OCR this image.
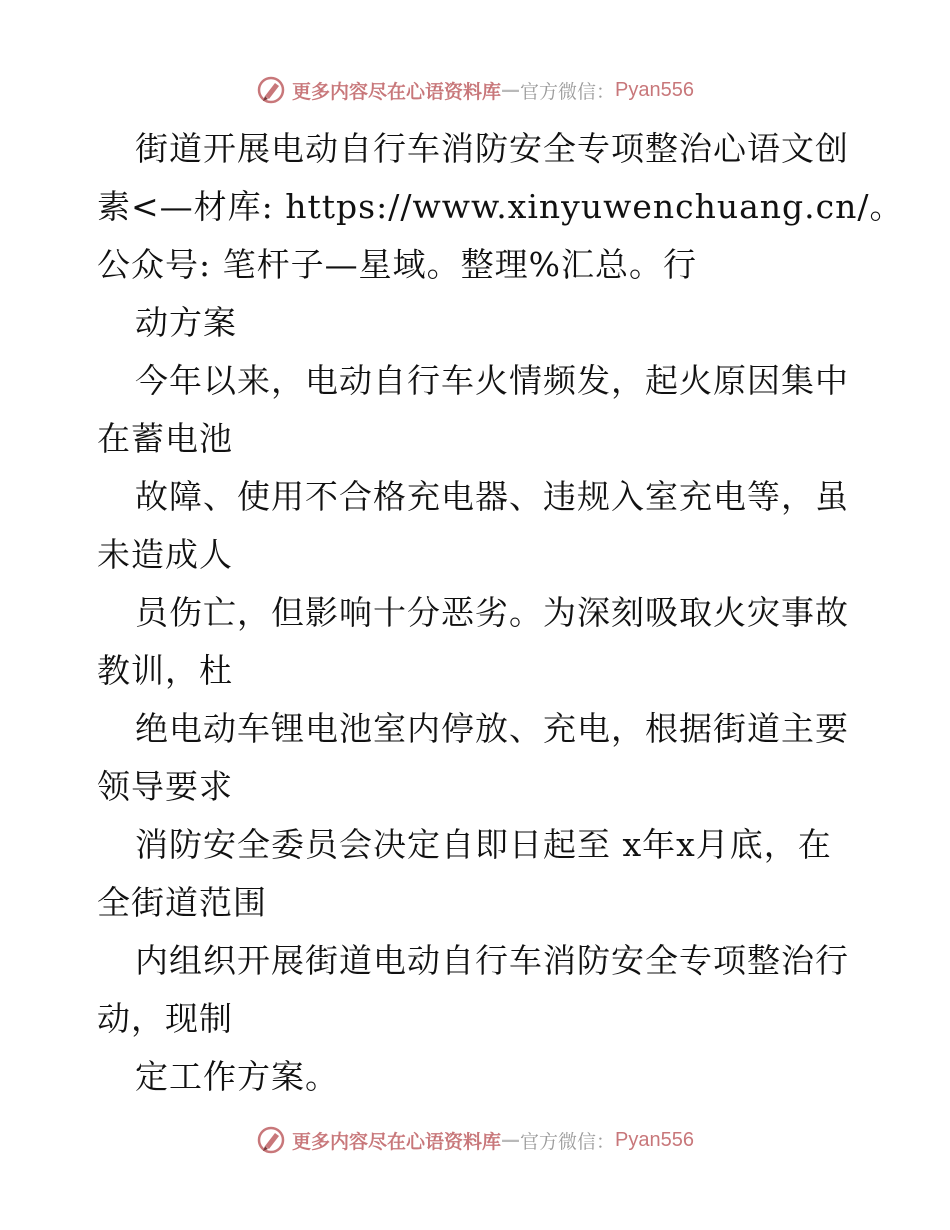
更多内容尽在心语资料库 — 官方微信： Pyan556
街道开展电动自行车消防安全专项整治心语文创
素<—材库: https://www.xinyuwenchuang.cn/。
公众号: 笔杆子—星域。整理%汇总。行
动方案
今年以来，电动自行车火情频发，起火原因集中
在蓄电池
故障、使用不合格充电器、违规入室充电等，虽
未造成人
员伤亡，但影响十分恶劣。为深刻吸取火灾事故
教训，杜
绝电动车锂电池室内停放、充电，根据街道主要
领导要求
消防安全委员会决定自即日起至 x年x月底，在
全街道范围
内组织开展街道电动自行车消防安全专项整治行
动，现制
定工作方案。
更多内容尽在心语资料库 — 官方微信： Pyan556
